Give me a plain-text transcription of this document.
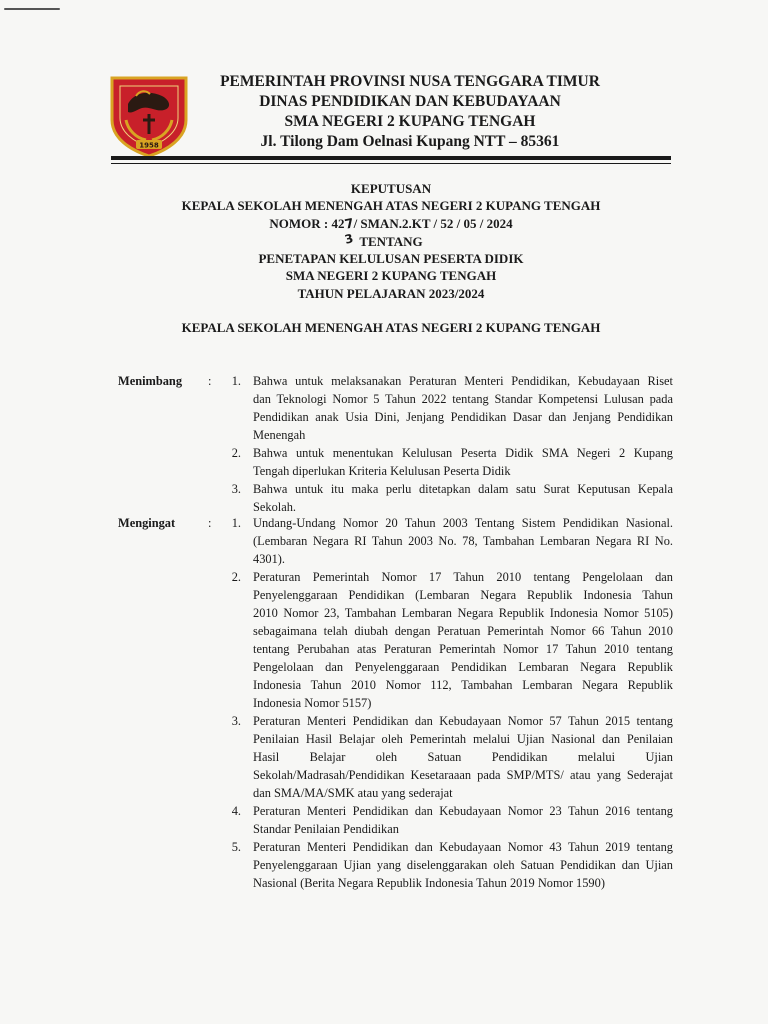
1958
PEMERINTAH PROVINSI NUSA TENGGARA TIMUR
DINAS PENDIDIKAN DAN KEBUDAYAAN
SMA NEGERI 2 KUPANG TENGAH
Jl. Tilong Dam Oelnasi Kupang NTT – 85361
KEPUTUSAN
KEPALA SEKOLAH MENENGAH ATAS NEGERI 2 KUPANG TENGAH
NOMOR : 427/ SMAN.2.KT / 52 / 05 / 2024
3 TENTANG
PENETAPAN KELULUSAN PESERTA DIDIK
SMA NEGERI 2 KUPANG TENGAH
TAHUN PELAJARAN 2023/2024
KEPALA SEKOLAH MENENGAH ATAS NEGERI 2 KUPANG TENGAH
Menimbang :	1. Bahwa untuk melaksanakan Peraturan Menteri Pendidikan, Kebudayaan Riset
dan Teknologi Nomor 5 Tahun 2022 tentang Standar Kompetensi Lulusan pada
Pendidikan anak Usia Dini, Jenjang Pendidikan Dasar dan Jenjang Pendidikan
Menengah
2. Bahwa untuk menentukan Kelulusan Peserta Didik SMA Negeri 2 Kupang
Tengah diperlukan Kriteria Kelulusan Peserta Didik
3. Bahwa untuk itu maka perlu ditetapkan dalam satu Surat Keputusan Kepala
Sekolah.
Mengingat	:	1. Undang-Undang Nomor 20 Tahun 2003 Tentang Sistem Pendidikan Nasional.
(Lembaran Negara RI Tahun 2003 No. 78, Tambahan Lembaran Negara RI No.
4301).
2. Peraturan Pemerintah Nomor 17 Tahun 2010 tentang Pengelolaan dan
Penyelenggaraan Pendidikan (Lembaran Negara Republik Indonesia Tahun
2010 Nomor 23, Tambahan Lembaran Negara Republik Indonesia Nomor 5105)
sebagaimana telah diubah dengan Peratuan Pemerintah Nomor 66 Tahun 2010
tentang Perubahan atas Peraturan Pemerintah Nomor 17 Tahun 2010 tentang
Pengelolaan dan Penyelenggaraan Pendidikan Lembaran Negara Republik
Indonesia Tahun 2010 Nomor 112, Tambahan Lembaran Negara Republik
Indonesia Nomor 5157)
3. Peraturan Menteri Pendidikan dan Kebudayaan Nomor 57 Tahun 2015 tentang
Penilaian Hasil Belajar oleh Pemerintah melalui Ujian Nasional dan Penilaian
Hasil Belajar oleh Satuan Pendidikan melalui Ujian
Sekolah/Madrasah/Pendidikan Kesetaraaan pada SMP/MTS/ atau yang Sederajat
dan SMA/MA/SMK atau yang sederajat
4. Peraturan Menteri Pendidikan dan Kebudayaan Nomor 23 Tahun 2016 tentang
Standar Penilaian Pendidikan
5. Peraturan Menteri Pendidikan dan Kebudayaan Nomor 43 Tahun 2019 tentang
Penyelenggaraan Ujian yang diselenggarakan oleh Satuan Pendidikan dan Ujian
Nasional (Berita Negara Republik Indonesia Tahun 2019 Nomor 1590)
